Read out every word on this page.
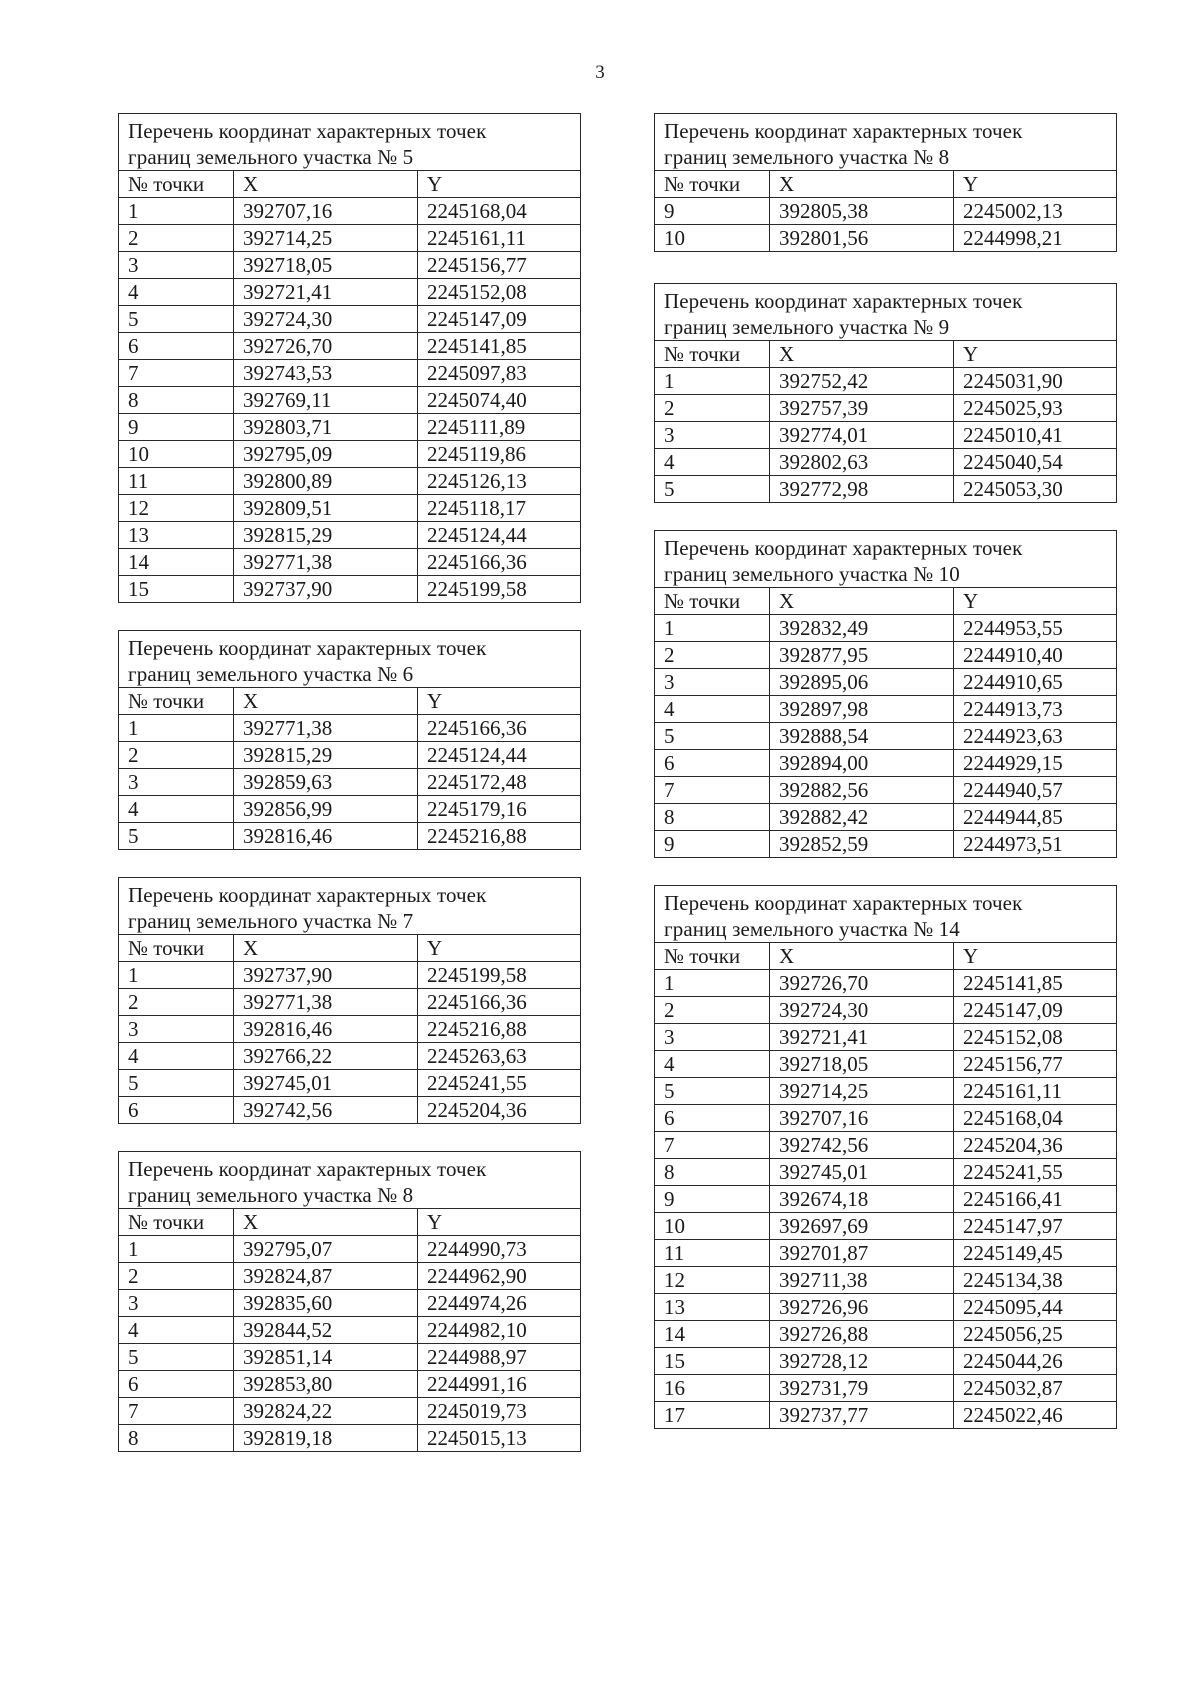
3
Перечень координат характерных точек
границ земельного участка № 5		

№ точки	X	Y
1	392707,16	2245168,04
2	392714,25	2245161,11
3	392718,05	2245156,77
4	392721,41	2245152,08
5	392724,30	2245147,09
6	392726,70	2245141,85
7	392743,53	2245097,83
8	392769,11	2245074,40
9	392803,71	2245111,89
10	392795,09	2245119,86
11	392800,89	2245126,13
12	392809,51	2245118,17
13	392815,29	2245124,44
14	392771,38	2245166,36
15	392737,90	2245199,58
Перечень координат характерных точек
границ земельного участка № 6		

№ точки	X	Y
1	392771,38	2245166,36
2	392815,29	2245124,44
3	392859,63	2245172,48
4	392856,99	2245179,16
5	392816,46	2245216,88
Перечень координат характерных точек
границ земельного участка № 7		

№ точки	X	Y
1	392737,90	2245199,58
2	392771,38	2245166,36
3	392816,46	2245216,88
4	392766,22	2245263,63
5	392745,01	2245241,55
6	392742,56	2245204,36
Перечень координат характерных точек
границ земельного участка № 8		

№ точки	X	Y
1	392795,07	2244990,73
2	392824,87	2244962,90
3	392835,60	2244974,26
4	392844,52	2244982,10
5	392851,14	2244988,97
6	392853,80	2244991,16
7	392824,22	2245019,73
8	392819,18	2245015,13
Перечень координат характерных точек
границ земельного участка № 8		

№ точки	X	Y
9	392805,38	2245002,13
10	392801,56	2244998,21
Перечень координат характерных точек
границ земельного участка № 9		

№ точки	X	Y
1	392752,42	2245031,90
2	392757,39	2245025,93
3	392774,01	2245010,41
4	392802,63	2245040,54
5	392772,98	2245053,30
Перечень координат характерных точек
границ земельного участка № 10		

№ точки	X	Y
1	392832,49	2244953,55
2	392877,95	2244910,40
3	392895,06	2244910,65
4	392897,98	2244913,73
5	392888,54	2244923,63
6	392894,00	2244929,15
7	392882,56	2244940,57
8	392882,42	2244944,85
9	392852,59	2244973,51
Перечень координат характерных точек
границ земельного участка № 14		

№ точки	X	Y
1	392726,70	2245141,85
2	392724,30	2245147,09
3	392721,41	2245152,08
4	392718,05	2245156,77
5	392714,25	2245161,11
6	392707,16	2245168,04
7	392742,56	2245204,36
8	392745,01	2245241,55
9	392674,18	2245166,41
10	392697,69	2245147,97
11	392701,87	2245149,45
12	392711,38	2245134,38
13	392726,96	2245095,44
14	392726,88	2245056,25
15	392728,12	2245044,26
16	392731,79	2245032,87
17	392737,77	2245022,46
